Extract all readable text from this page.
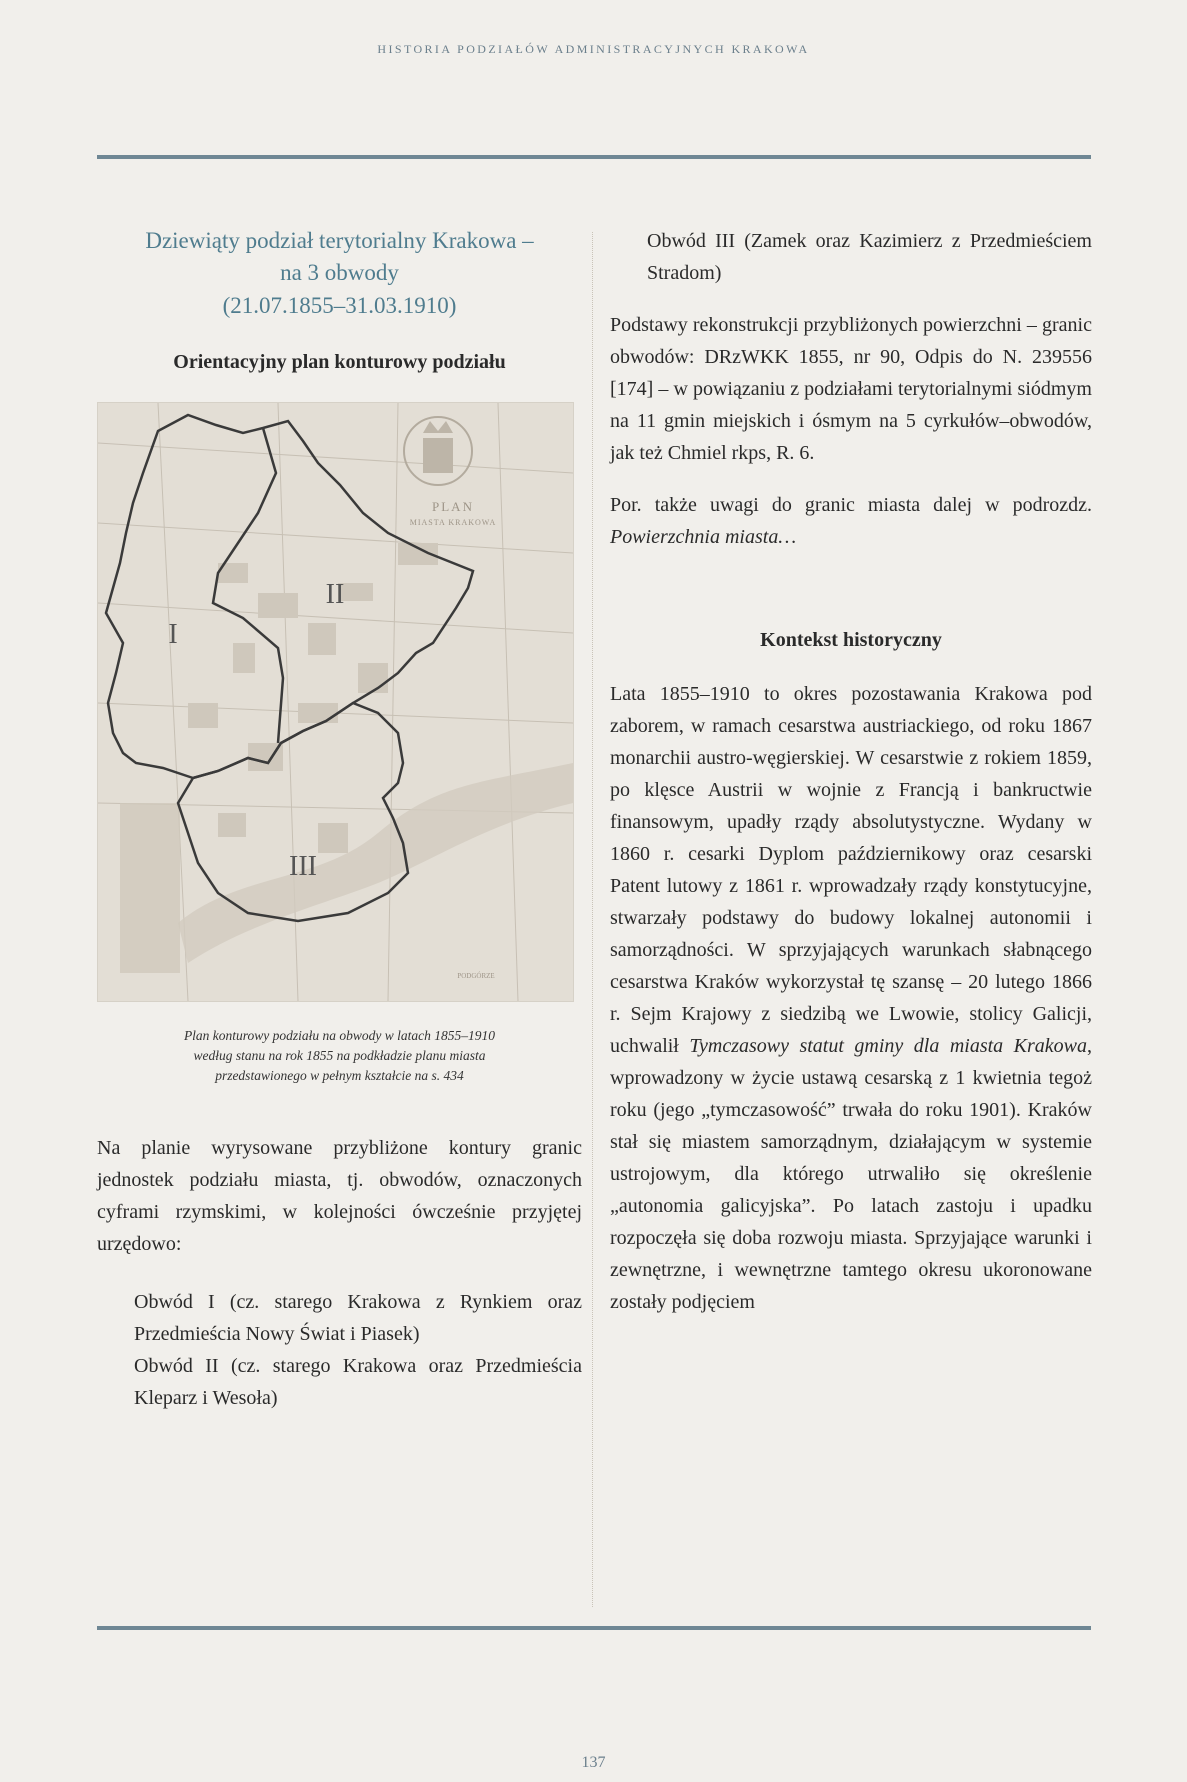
HISTORIA PODZIAŁÓW ADMINISTRACYJNYCH KRAKOWA

Dziewiąty podział terytorialny Krakowa –

na 3 obwody

(21.07.1855–31.03.1910)

Orientacyjny plan konturowy podziału

PLAN
MIASTA KRAKOWA
PODGÓRZE
I
II
III
Plan konturowy podziału na obwody w latach 1855–1910
według stanu na rok 1855 na podkładzie planu miasta
przedstawionego w pełnym kształcie na s. 434

Na planie wyrysowane przybliżone kontury granic jednostek podziału miasta, tj. obwodów, oznaczonych cyframi rzymskimi, w kolejności ówcześnie przyjętej urzędowo:

Obwód I (cz. starego Krakowa z Rynkiem oraz Przedmieścia Nowy Świat i Piasek)
Obwód II (cz. starego Krakowa oraz Przedmieścia Kleparz i Wesoła)
Obwód III (Zamek oraz Kazimierz z Przedmieściem Stradom)

Podstawy rekonstrukcji przybliżonych powierzchni – granic obwodów: DRzWKK 1855, nr 90, Odpis do N. 239556 [174] – w powiązaniu z podziałami terytorialnymi siódmym na 11 gmin miejskich i ósmym na 5 cyrkułów–obwodów, jak też Chmiel rkps, R. 6.

Por. także uwagi do granic miasta dalej w podrozdz. Powierzchnia miasta…

Kontekst historyczny

Lata 1855–1910 to okres pozostawania Krakowa pod zaborem, w ramach cesarstwa austriackiego, od roku 1867 monarchii austro-węgierskiej. W cesarstwie z rokiem 1859, po klęsce Austrii w wojnie z Francją i bankructwie finansowym, upadły rządy absolutystyczne. Wydany w 1860 r. cesarki Dyplom październikowy oraz cesarski Patent lutowy z 1861 r. wprowadzały rządy konstytucyjne, stwarzały podstawy do budowy lokalnej autonomii i samorządności. W sprzyjających warunkach słabnącego cesarstwa Kraków wykorzystał tę szansę – 20 lutego 1866 r. Sejm Krajowy z siedzibą we Lwowie, stolicy Galicji, uchwalił Tymczasowy statut gminy dla miasta Krakowa, wprowadzony w życie ustawą cesarską z 1 kwietnia tegoż roku (jego „tymczasowość” trwała do roku 1901). Kraków stał się miastem samorządnym, działającym w systemie ustrojowym, dla którego utrwaliło się określenie „autonomia galicyjska”. Po latach zastoju i upadku rozpoczęła się doba rozwoju miasta. Sprzyjające warunki i zewnętrzne, i wewnętrzne tamtego okresu ukoronowane zostały podjęciem

137
